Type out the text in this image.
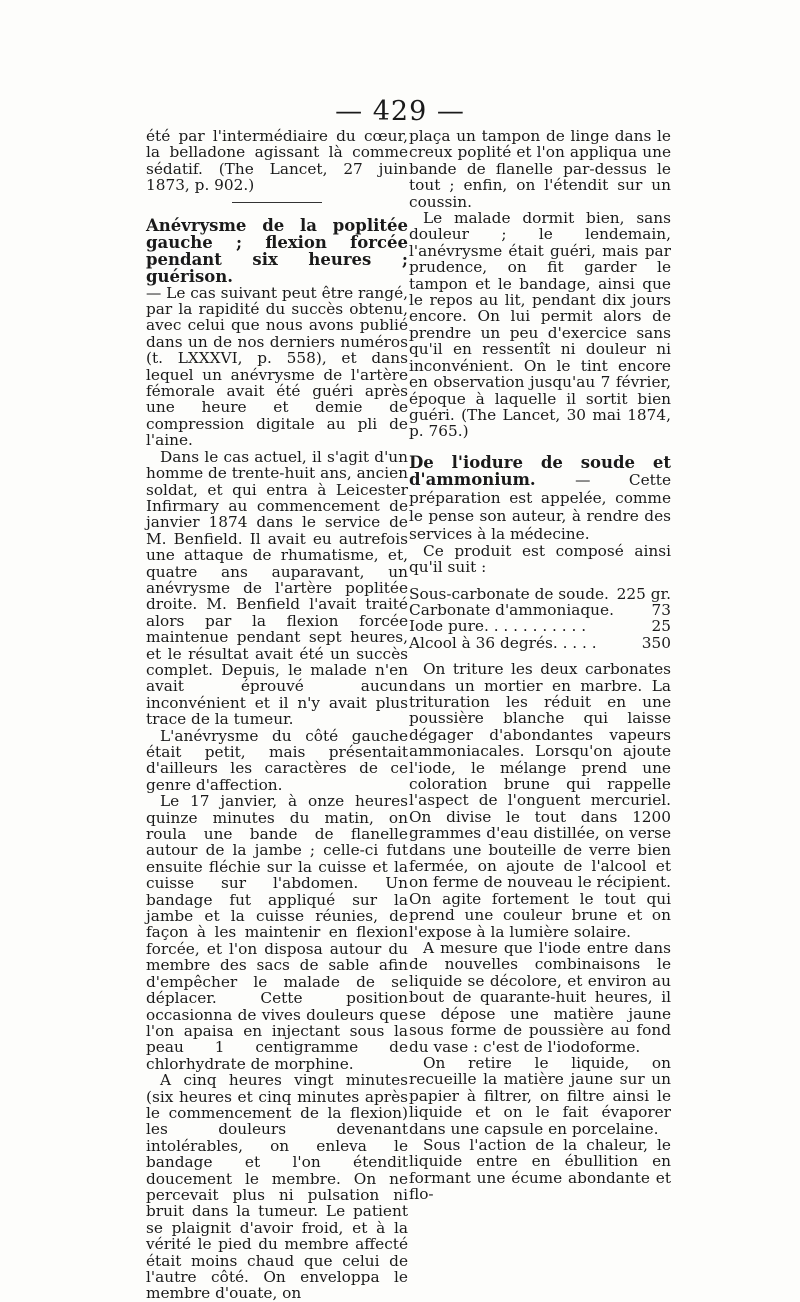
— 429 —

été par l'intermédiaire du cœur, la belladone agissant là comme sédatif. (The Lancet, 27 juin 1873, p. 902.)

Anévrysme de la poplitée gauche ; flexion forcée pendant six heures ; guérison.

— Le cas suivant peut être rangé, par la rapidité du succès obtenu, avec celui que nous avons publié dans un de nos derniers numéros (t. LXXXVI, p. 558), et dans lequel un anévrysme de l'artère fémorale avait été guéri après une heure et demie de compression digitale au pli de l'aine.

Dans le cas actuel, il s'agit d'un homme de trente-huit ans, ancien soldat, et qui entra à Leicester Infirmary au commencement de janvier 1874 dans le service de M. Benfield. Il avait eu autrefois une attaque de rhumatisme, et, quatre ans auparavant, un anévrysme de l'artère poplitée droite. M. Benfield l'avait traité alors par la flexion forcée maintenue pendant sept heures, et le résultat avait été un succès complet. Depuis, le malade n'en avait éprouvé aucun inconvénient et il n'y avait plus trace de la tumeur.

L'anévrysme du côté gauche était petit, mais présentait d'ailleurs les caractères de ce genre d'affection.

Le 17 janvier, à onze heures quinze minutes du matin, on roula une bande de flanelle autour de la jambe ; celle-ci fut ensuite fléchie sur la cuisse et la cuisse sur l'abdomen. Un bandage fut appliqué sur la jambe et la cuisse réunies, de façon à les maintenir en flexion forcée, et l'on disposa autour du membre des sacs de sable afin d'empêcher le malade de se déplacer. Cette position occasionna de vives douleurs que l'on apaisa en injectant sous la peau 1 centigramme de chlorhydrate de morphine.

A cinq heures vingt minutes (six heures et cinq minutes après le commencement de la flexion) les douleurs devenant intolérables, on enleva le bandage et l'on étendit doucement le membre. On ne percevait plus ni pulsation ni bruit dans la tumeur. Le patient se plaignit d'avoir froid, et à la vérité le pied du membre affecté était moins chaud que celui de l'autre côté. On enveloppa le membre d'ouate, on

plaça un tampon de linge dans le creux poplité et l'on appliqua une bande de flanelle par-dessus le tout ; enfin, on l'étendit sur un coussin.

Le malade dormit bien, sans douleur ; le lendemain, l'anévrysme était guéri, mais par prudence, on fit garder le tampon et le bandage, ainsi que le repos au lit, pendant dix jours encore. On lui permit alors de prendre un peu d'exercice sans qu'il en ressentît ni douleur ni inconvénient. On le tint encore en observation jusqu'au 7 février, époque à laquelle il sortit bien guéri. (The Lancet, 30 mai 1874, p. 765.)

De l'iodure de soude et d'ammonium.	— Cette préparation est appelée, comme le pense son auteur, à rendre des services à la médecine.

Ce produit est composé ainsi qu'il suit :

Sous-carbonate de soude. 225 gr.
Carbonate d'ammoniaque.	73
Iode pure. . . . . . . . . . .	25
Alcool à 36 degrés. . . . .	350

On triture les deux carbonates dans un mortier en marbre. La trituration les réduit en une poussière blanche qui laisse dégager d'abondantes vapeurs ammoniacales. Lorsqu'on ajoute l'iode, le mélange prend une coloration brune qui rappelle l'aspect de l'onguent mercuriel. On divise le tout dans 1200 grammes d'eau distillée, on verse dans une bouteille de verre bien fermée, on ajoute de l'alcool et on ferme de nouveau le récipient. On agite fortement le tout qui prend une couleur brune et on l'expose à la lumière solaire.

A mesure que l'iode entre dans de nouvelles combinaisons le liquide se décolore, et environ au bout de quarante-huit heures, il se dépose une matière jaune sous forme de poussière au fond du vase : c'est de l'iodoforme.

On retire le liquide, on recueille la matière jaune sur un papier à filtrer, on filtre ainsi le liquide et on le fait évaporer dans une capsule en porcelaine.

Sous l'action de la chaleur, le liquide entre en ébullition en formant une écume abondante et flo-
